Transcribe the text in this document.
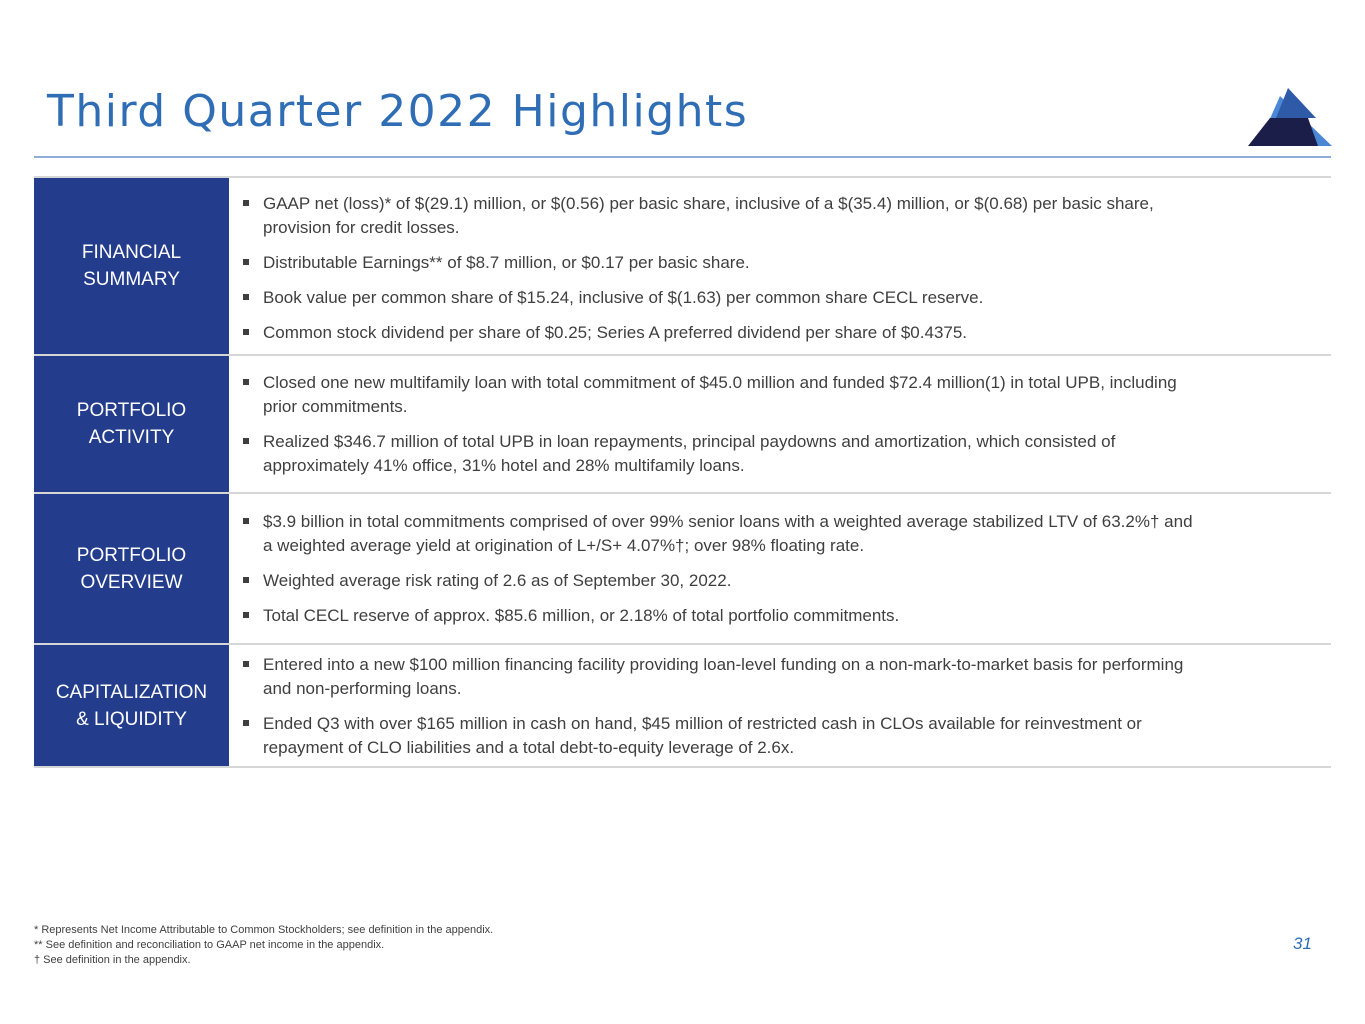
Third Quarter 2022 Highlights
FINANCIAL
SUMMARY
GAAP net (loss)* of $(29.1) million, or $(0.56) per basic share, inclusive of a $(35.4) million, or $(0.68) per basic share,
provision for credit losses.
Distributable Earnings** of $8.7 million, or $0.17 per basic share.
Book value per common share of $15.24, inclusive of $(1.63) per common share CECL reserve.
Common stock dividend per share of $0.25; Series A preferred dividend per share of $0.4375.
PORTFOLIO
ACTIVITY
Closed one new multifamily loan with total commitment of $45.0 million and funded $72.4 million(1) in total UPB, including
prior commitments.
Realized $346.7 million of total UPB in loan repayments, principal paydowns and amortization, which consisted of
approximately 41% office, 31% hotel and 28% multifamily loans.
PORTFOLIO
OVERVIEW
$3.9 billion in total commitments comprised of over 99% senior loans with a weighted average stabilized LTV of 63.2%† and
a weighted average yield at origination of L+/S+ 4.07%†; over 98% floating rate.
Weighted average risk rating of 2.6 as of September 30, 2022.
Total CECL reserve of approx. $85.6 million, or 2.18% of total portfolio commitments.
CAPITALIZATION
& LIQUIDITY
Entered into a new $100 million financing facility providing loan-level funding on a non-mark-to-market basis for performing
and non-performing loans.
Ended Q3 with over $165 million in cash on hand, $45 million of restricted cash in CLOs available for reinvestment or
repayment of CLO liabilities and a total debt-to-equity leverage of 2.6x.
* Represents Net Income Attributable to Common Stockholders; see definition in the appendix.
** See definition and reconciliation to GAAP net income in the appendix.
† See definition in the appendix.
31
